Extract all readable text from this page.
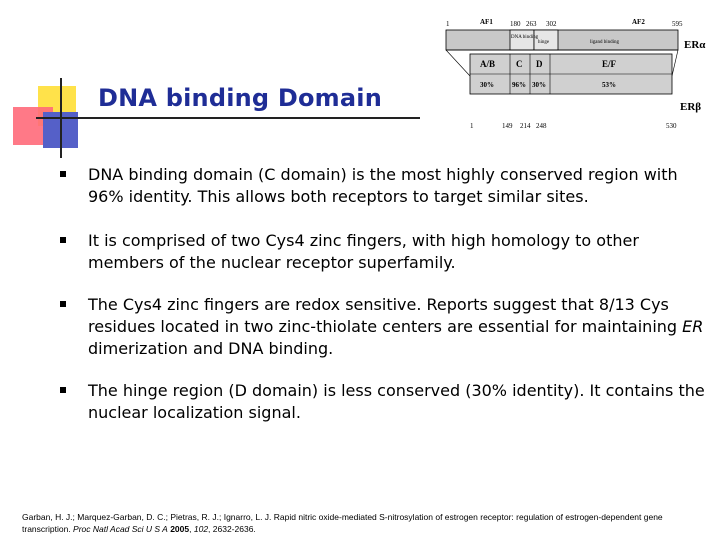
DNA binding Domain
1	AF1 180 263 302	AF2	595
DNA binding
hinge	ligand binding	ERα
A/B C D	E/F
30%	96% 30%	53%
ERβ
1	149 214 248	530
DNA binding domain (C domain) is the most highly conserved region with 96% identity. This allows both receptors to target similar sites.
It is comprised of two Cys4 zinc fingers, with high homology to other members of the nuclear receptor superfamily.
The Cys4 zinc fingers are redox sensitive. Reports suggest that 8/13 Cys residues located in two zinc-thiolate centers are essential for maintaining ER dimerization and DNA binding.
The hinge region (D domain) is less conserved (30% identity). It contains the nuclear localization signal.
Garban, H. J.; Marquez-Garban, D. C.; Pietras, R. J.; Ignarro, L. J. Rapid nitric oxide-mediated S-nitrosylation of estrogen receptor: regulation of estrogen-dependent gene transcription. Proc Natl Acad Sci U S A 2005, 102, 2632-2636.
